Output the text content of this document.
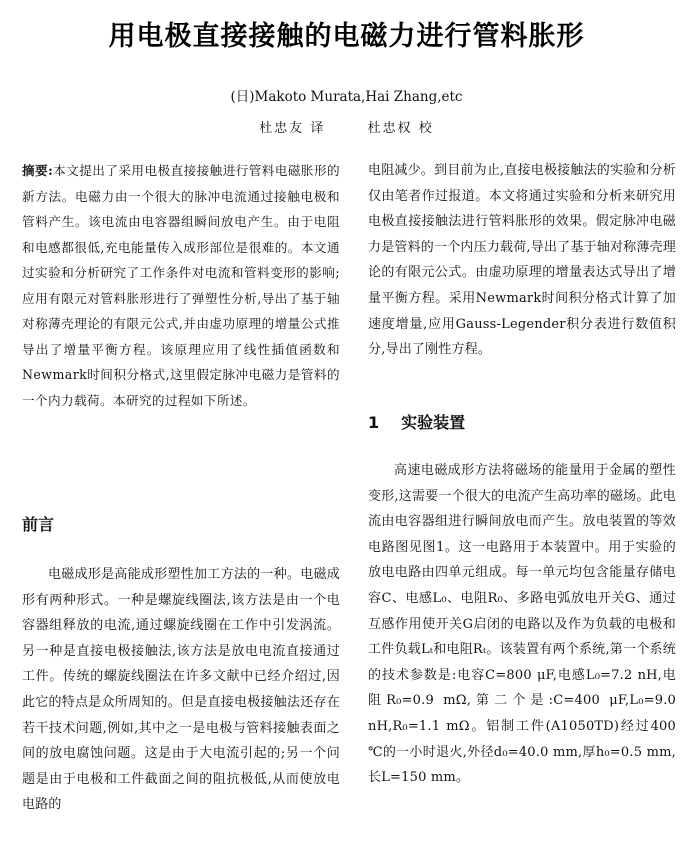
用电极直接接触的电磁力进行管料胀形
(日)Makoto Murata,Hai Zhang,etc
杜忠友 译	杜忠权 校

摘要:本文提出了采用电极直接接触进行管料电磁胀形的新方法。电磁力由一个很大的脉冲电流通过接触电极和管料产生。该电流由电容器组瞬间放电产生。由于电阻和电感都很低,充电能量传入成形部位是很难的。本文通过实验和分析研究了工作条件对电流和管料变形的影响;应用有限元对管料胀形进行了弹塑性分析,导出了基于轴对称薄壳理论的有限元公式,并由虚功原理的增量公式推导出了增量平衡方程。该原理应用了线性插值函数和Newmark时间积分格式,这里假定脉冲电磁力是管料的一个内力载荷。本研究的过程如下所述。

前言

电磁成形是高能成形塑性加工方法的一种。电磁成形有两种形式。一种是螺旋线圈法,该方法是由一个电容器组释放的电流,通过螺旋线圈在工作中引发涡流。另一种是直接电极接触法,该方法是放电电流直接通过工件。传统的螺旋线圈法在许多文献中已经介绍过,因此它的特点是众所周知的。但是直接电极接触法还存在若干技术问题,例如,其中之一是电极与管料接触表面之间的放电腐蚀问题。这是由于大电流引起的;另一个问题是由于电极和工件截面之间的阻抗极低,从而使放电电路的

电阻减少。到目前为止,直接电极接触法的实验和分析仅由笔者作过报道。本文将通过实验和分析来研究用电极直接接触法进行管料胀形的效果。假定脉冲电磁力是管料的一个内压力载荷,导出了基于轴对称薄壳理论的有限元公式。由虚功原理的增量表达式导出了增量平衡方程。采用Newmark时间积分格式计算了加速度增量,应用Gauss-Legender积分表进行数值积分,导出了刚性方程。

1 实验装置

高速电磁成形方法将磁场的能量用于金属的塑性变形,这需要一个很大的电流产生高功率的磁场。此电流由电容器组进行瞬间放电而产生。放电装置的等效电路图见图1。这一电路用于本装置中。用于实验的放电电路由四单元组成。每一单元均包含能量存储电容C、电感L₀、电阻R₀、多路电弧放电开关G、通过互感作用使开关G启闭的电路以及作为负载的电极和工件负载Lₜ和电阻Rₜ。该装置有两个系统,第一个系统的技术参数是:电容C=800 μF,电感L₀=7.2 nH,电阻R₀=0.9 mΩ,第二个是:C=400 μF,L₀=9.0 nH,R₀=1.1 mΩ。铝制工件(A1050TD)经过400 ℃的一小时退火,外径d₀=40.0 mm,厚h₀=0.5 mm,长L=150 mm。
